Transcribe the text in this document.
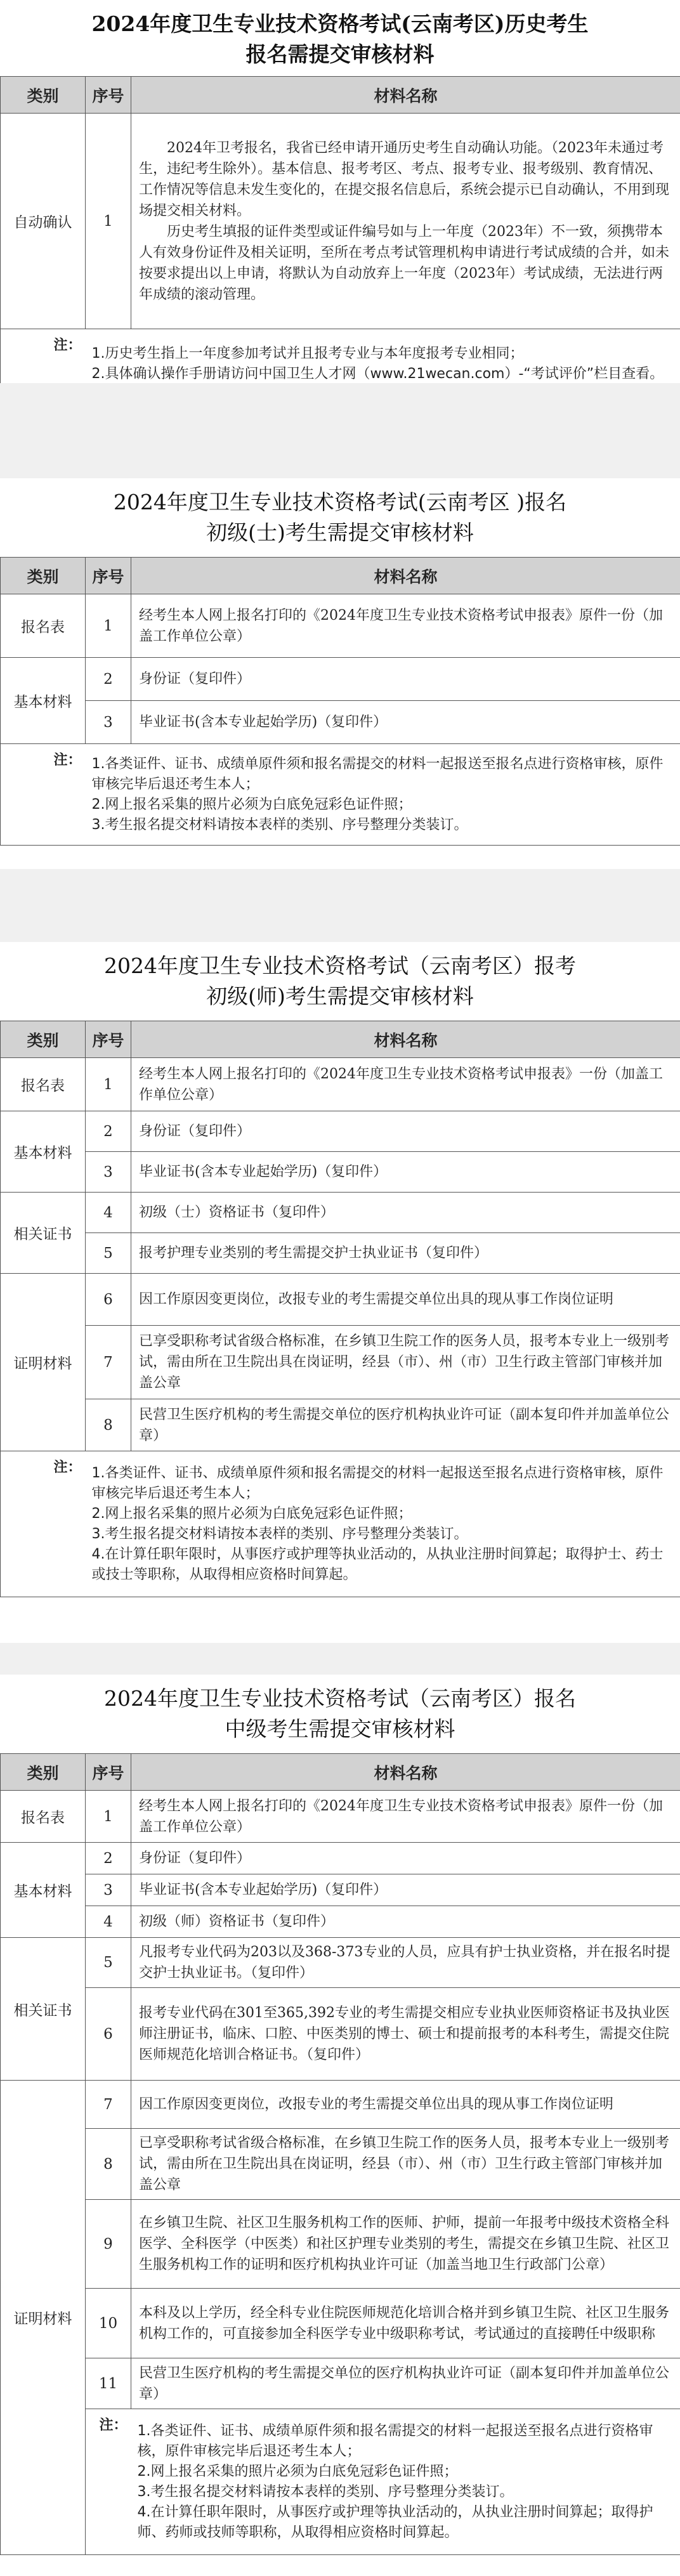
2024年度卫生专业技术资格考试(云南考区)历史考生
报名需提交审核材料
类别	序号	材料名称
自动确认	1	2024年卫考报名，我省已经申请开通历史考生自动确认功能。（2023年未通过考生，违纪考生除外）。基本信息、报考考区、考点、报考专业、报考级别、教育情况、工作情况等信息未发生变化的，在提交报名信息后，系统会提示已自动确认，不用到现场提交相关材料。

历史考生填报的证件类型或证件编号如与上一年度（2023年）不一致，须携带本人有效身份证件及相关证明，至所在考点考试管理机构申请进行考试成绩的合并，如未按要求提出以上申请，将默认为自动放弃上一年度（2023年）考试成绩，无法进行两年成绩的滚动管理。

注：	1.历史考生指上一年度参加考试并且报考专业与本年度报考专业相同；
2.具体确认操作手册请访问中国卫生人才网（www.21wecan.com）-“考试评价”栏目查看。	
2024年度卫生专业技术资格考试(云南考区 )报名
初级(士)考生需提交审核材料
类别	序号	材料名称
报名表	1	经考生本人网上报名打印的《2024年度卫生专业技术资格考试申报表》原件一份（加盖工作单位公章）
基本材料	2	身份证（复印件）
	3	毕业证书(含本专业起始学历)（复印件）
注：	1.各类证件、证书、成绩单原件须和报名需提交的材料一起报送至报名点进行资格审核，原件审核完毕后退还考生本人；
2.网上报名采集的照片必须为白底免冠彩色证件照；
3.考生报名提交材料请按本表样的类别、序号整理分类装订。	
2024年度卫生专业技术资格考试（云南考区）报考
初级(师)考生需提交审核材料
类别	序号	材料名称
报名表	1	经考生本人网上报名打印的《2024年度卫生专业技术资格考试申报表》一份（加盖工作单位公章）
基本材料	2	身份证（复印件）
	3	毕业证书(含本专业起始学历)（复印件）
相关证书	4	初级（士）资格证书（复印件）
	5	报考护理专业类别的考生需提交护士执业证书（复印件）
证明材料	6	因工作原因变更岗位，改报专业的考生需提交单位出具的现从事工作岗位证明
	7	已享受职称考试省级合格标准，在乡镇卫生院工作的医务人员，报考本专业上一级别考试，需由所在卫生院出具在岗证明，经县（市）、州（市）卫生行政主管部门审核并加盖公章
	8	民营卫生医疗机构的考生需提交单位的医疗机构执业许可证（副本复印件并加盖单位公章）
注：	1.各类证件、证书、成绩单原件须和报名需提交的材料一起报送至报名点进行资格审核，原件审核完毕后退还考生本人；
2.网上报名采集的照片必须为白底免冠彩色证件照；
3.考生报名提交材料请按本表样的类别、序号整理分类装订。
4.在计算任职年限时，从事医疗或护理等执业活动的，从执业注册时间算起；取得护士、药士或技士等职称，从取得相应资格时间算起。	
2024年度卫生专业技术资格考试（云南考区）报名
中级考生需提交审核材料
类别	序号	材料名称
报名表	1	经考生本人网上报名打印的《2024年度卫生专业技术资格考试申报表》原件一份（加盖工作单位公章）
基本材料	2	身份证（复印件）
	3	毕业证书(含本专业起始学历)（复印件）
	4	初级（师）资格证书（复印件）
相关证书	5	凡报考专业代码为203以及368-373专业的人员，应具有护士执业资格，并在报名时提交护士执业证书。（复印件）
	6	报考专业代码在301至365,392专业的考生需提交相应专业执业医师资格证书及执业医师注册证书，临床、口腔、中医类别的博士、硕士和提前报考的本科考生，需提交住院医师规范化培训合格证书。（复印件）
证明材料	7	因工作原因变更岗位，改报专业的考生需提交单位出具的现从事工作岗位证明
	8	已享受职称考试省级合格标准，在乡镇卫生院工作的医务人员，报考本专业上一级别考试，需由所在卫生院出具在岗证明，经县（市）、州（市）卫生行政主管部门审核并加盖公章
	9	在乡镇卫生院、社区卫生服务机构工作的医师、护师，提前一年报考中级技术资格全科医学、全科医学（中医类）和社区护理专业类别的考生，需提交在乡镇卫生院、社区卫生服务机构工作的证明和医疗机构执业许可证（加盖当地卫生行政部门公章）
	10	本科及以上学历，经全科专业住院医师规范化培训合格并到乡镇卫生院、社区卫生服务机构工作的，可直接参加全科医学专业中级职称考试，考试通过的直接聘任中级职称
	11	民营卫生医疗机构的考生需提交单位的医疗机构执业许可证（副本复印件并加盖单位公章）
	注：	1.各类证件、证书、成绩单原件须和报名需提交的材料一起报送至报名点进行资格审核，原件审核完毕后退还考生本人；
2.网上报名采集的照片必须为白底免冠彩色证件照；
3.考生报名提交材料请按本表样的类别、序号整理分类装订。
4.在计算任职年限时，从事医疗或护理等执业活动的，从执业注册时间算起；取得护师、药师或技师等职称，从取得相应资格时间算起。
